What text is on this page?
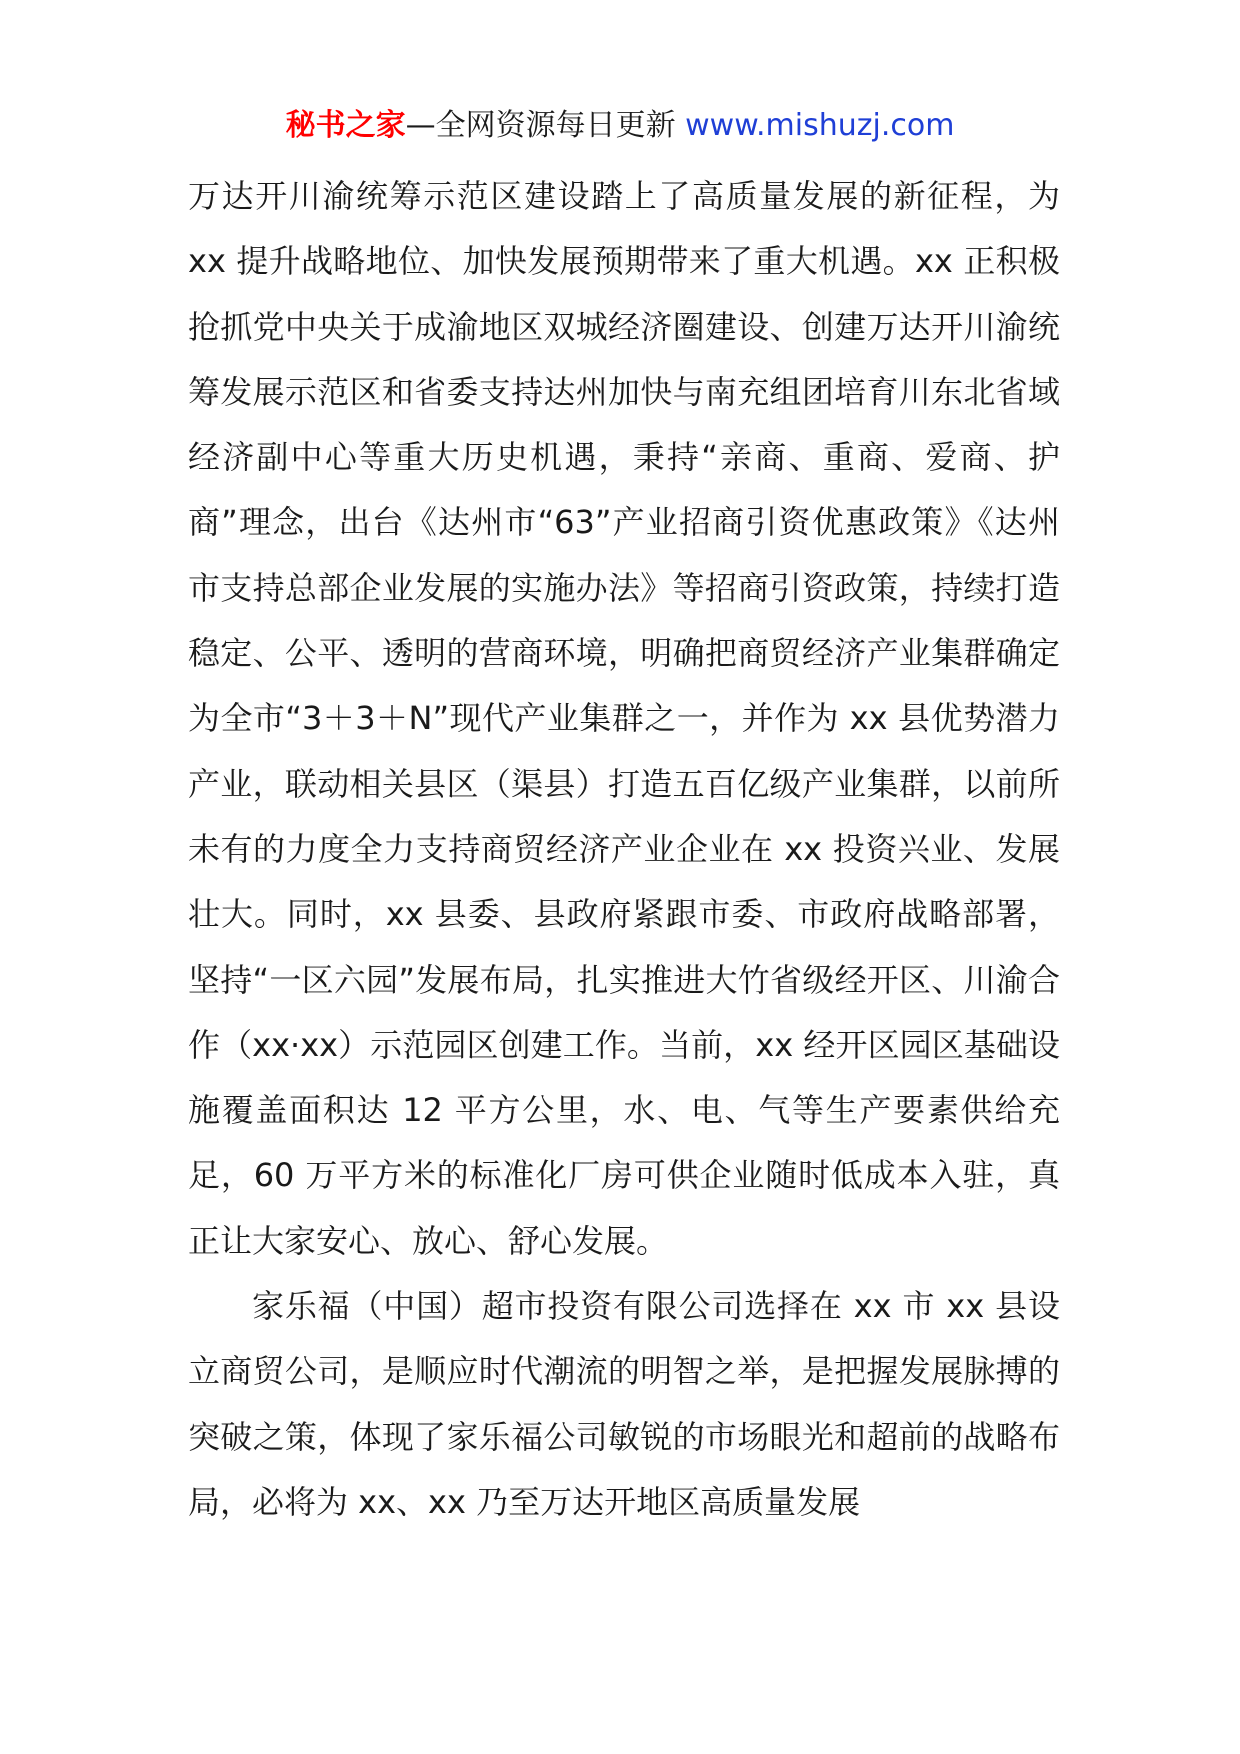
秘书之家—全网资源每日更新 www.mishuzj.com

万达开川渝统筹示范区建设踏上了高质量发展的新征程，为 xx 提升战略地位、加快发展预期带来了重大机遇。xx 正积极抢抓党中央关于成渝地区双城经济圈建设、创建万达开川渝统筹发展示范区和省委支持达州加快与南充组团培育川东北省域经济副中心等重大历史机遇，秉持“亲商、重商、爱商、护商”理念，出台《达州市“63”产业招商引资优惠政策》《达州市支持总部企业发展的实施办法》等招商引资政策，持续打造稳定、公平、透明的营商环境，明确把商贸经济产业集群确定为全市“3＋3＋N”现代产业集群之一，并作为 xx 县优势潜力产业，联动相关县区（渠县）打造五百亿级产业集群，以前所未有的力度全力支持商贸经济产业企业在 xx 投资兴业、发展壮大。同时，xx 县委、县政府紧跟市委、市政府战略部署，坚持“一区六园”发展布局，扎实推进大竹省级经开区、川渝合作（xx·xx）示范园区创建工作。当前，xx 经开区园区基础设施覆盖面积达 12 平方公里，水、电、气等生产要素供给充足，60 万平方米的标准化厂房可供企业随时低成本入驻，真正让大家安心、放心、舒心发展。

家乐福（中国）超市投资有限公司选择在 xx 市 xx 县设立商贸公司，是顺应时代潮流的明智之举，是把握发展脉搏的突破之策，体现了家乐福公司敏锐的市场眼光和超前的战略布局，必将为 xx、xx 乃至万达开地区高质量发展
